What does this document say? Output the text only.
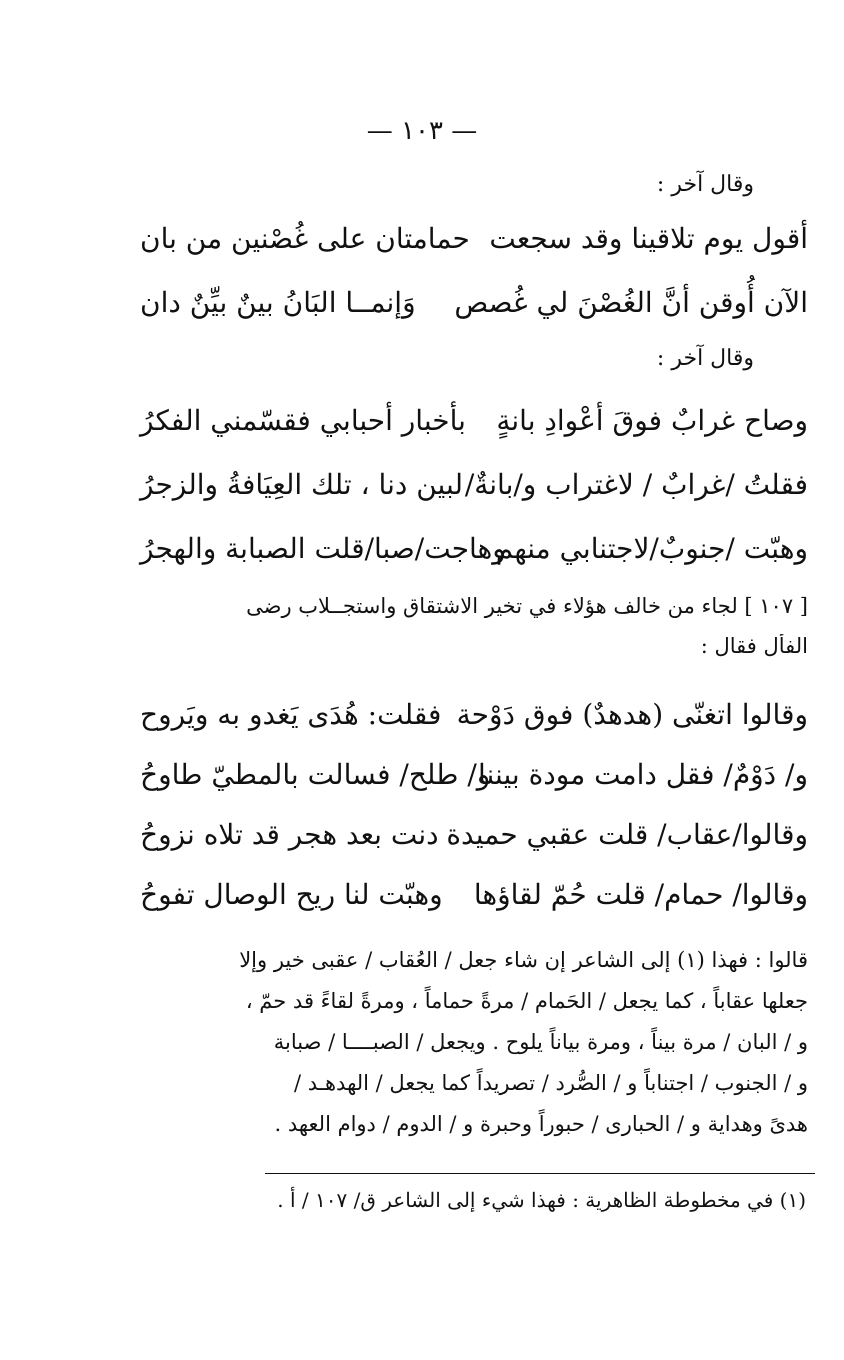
— ١٠٣ —
وقال آخر :
أقول يوم تلاقينا وقد سجعت
حمامتان على غُصْنين من بان
الآن أُوقن أنَّ الغُصْنَ لي غُصص
وَإنمــا البَانُ بينٌ بيِّنٌ دان
وقال آخر :
وصاح غرابٌ فوقَ أعْوادِ بانةٍ
بأخبار أحبابي فقسّمني الفكرُ
فقلتُ /غرابٌ / لاغتراب و/بانةٌ/
لبين دنا ، تلك العِيَافةُ والزجرُ
وهبّت /جنوبٌ/لاجتنابي منهم
وهاجت/صبا/قلت الصبابة والهجرُ
[ ١٠٧ ] لجاء من خالف هؤلاء في تخير الاشتقاق واستجــلاب رضى
الفأل فقال :
وقالوا اتغنّى (هدهدٌ) فوق دَوْحة
فقلت: هُدَى يَغدو به ويَروح
و/ دَوْمٌ/ فقل دامت مودة بيننا
و/ طلح/ فسالت بالمطيّ طاوحُ
وقالوا/عقاب/ قلت عقبي حميدة
دنت بعد هجر قد تلاه نزوحُ
وقالوا/ حمام/ قلت حُمّ لقاؤها
وهبّت لنا ريح الوصال تفوحُ
قالوا : فهذا (١) إلى الشاعر إن شاء جعل / العُقاب / عقبى خير وإلا
جعلها عقاباً ، كما يجعل / الحَمام / مرةً حماماً ، ومرةً لقاءً قد حمّ ،
و / البان / مرة بيناً ، ومرة بياناً يلوح . ويجعل / الصبــــا / صبابة
و / الجنوب / اجتناباً و / الصُّرد / تصريداً كما يجعل / الهدهـد /
هدىً وهداية و / الحبارى / حبوراً وحبرة و / الدوم / دوام العهد .
(١) في مخطوطة الظاهرية : فهذا شيء إلى الشاعر ق/ ١٠٧ / أ .
